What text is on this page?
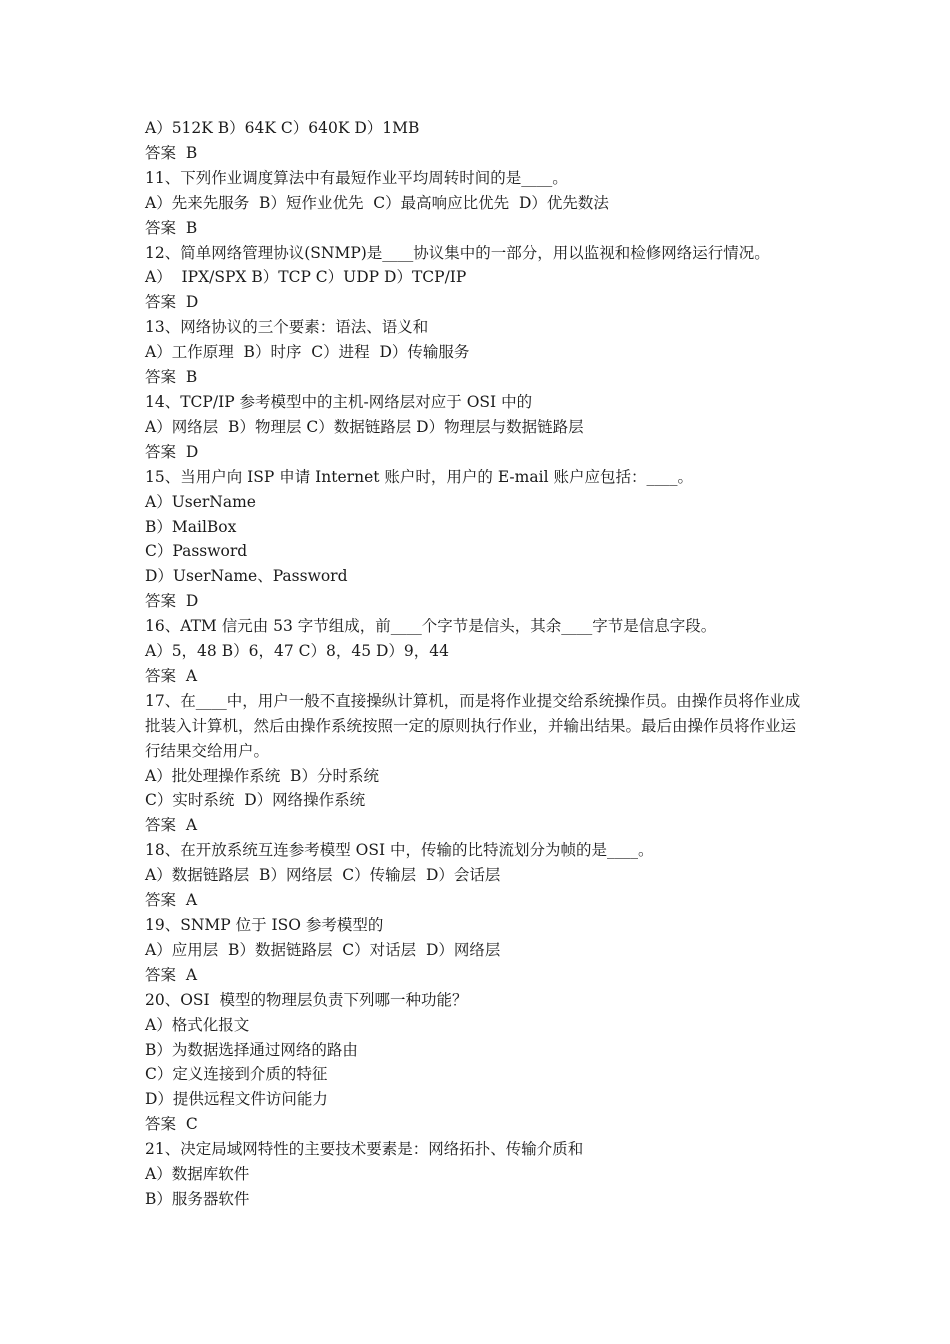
A）512K B）64K C）640K D）1MB

答案  B

11、下列作业调度算法中有最短作业平均周转时间的是____。

A）先来先服务  B）短作业优先  C）最高响应比优先  D）优先数法

答案  B

12、简单网络管理协议(SNMP)是____协议集中的一部分，用以监视和检修网络运行情况。

A）  IPX/SPX B）TCP C）UDP D）TCP/IP

答案  D

13、网络协议的三个要素：语法、语义和

A）工作原理  B）时序  C）进程  D）传输服务

答案  B

14、TCP/IP 参考模型中的主机-网络层对应于 OSI 中的

A）网络层  B）物理层 C）数据链路层 D）物理层与数据链路层

答案  D

15、当用户向 ISP 申请 Internet 账户时，用户的 E-mail 账户应包括：____。

A）UserName

B）MailBox

C）Password

D）UserName、Password

答案  D

16、ATM 信元由 53 字节组成，前____个字节是信头，其余____字节是信息字段。

A）5，48 B）6，47 C）8，45 D）9，44

答案  A

17、在____中，用户一般不直接操纵计算机，而是将作业提交给系统操作员。由操作员将作业成批装入计算机，然后由操作系统按照一定的原则执行作业，并输出结果。最后由操作员将作业运行结果交给用户。

A）批处理操作系统  B）分时系统

C）实时系统  D）网络操作系统

答案  A

18、在开放系统互连参考模型 OSI 中，传输的比特流划分为帧的是____。

A）数据链路层  B）网络层  C）传输层  D）会话层

答案  A

19、SNMP 位于 ISO 参考模型的

A）应用层  B）数据链路层  C）对话层  D）网络层

答案  A

20、OSI  模型的物理层负责下列哪一种功能？

A）格式化报文

B）为数据选择通过网络的路由

C）定义连接到介质的特征

D）提供远程文件访问能力

答案  C

21、决定局域网特性的主要技术要素是：网络拓扑、传输介质和

A）数据库软件

B）服务器软件
